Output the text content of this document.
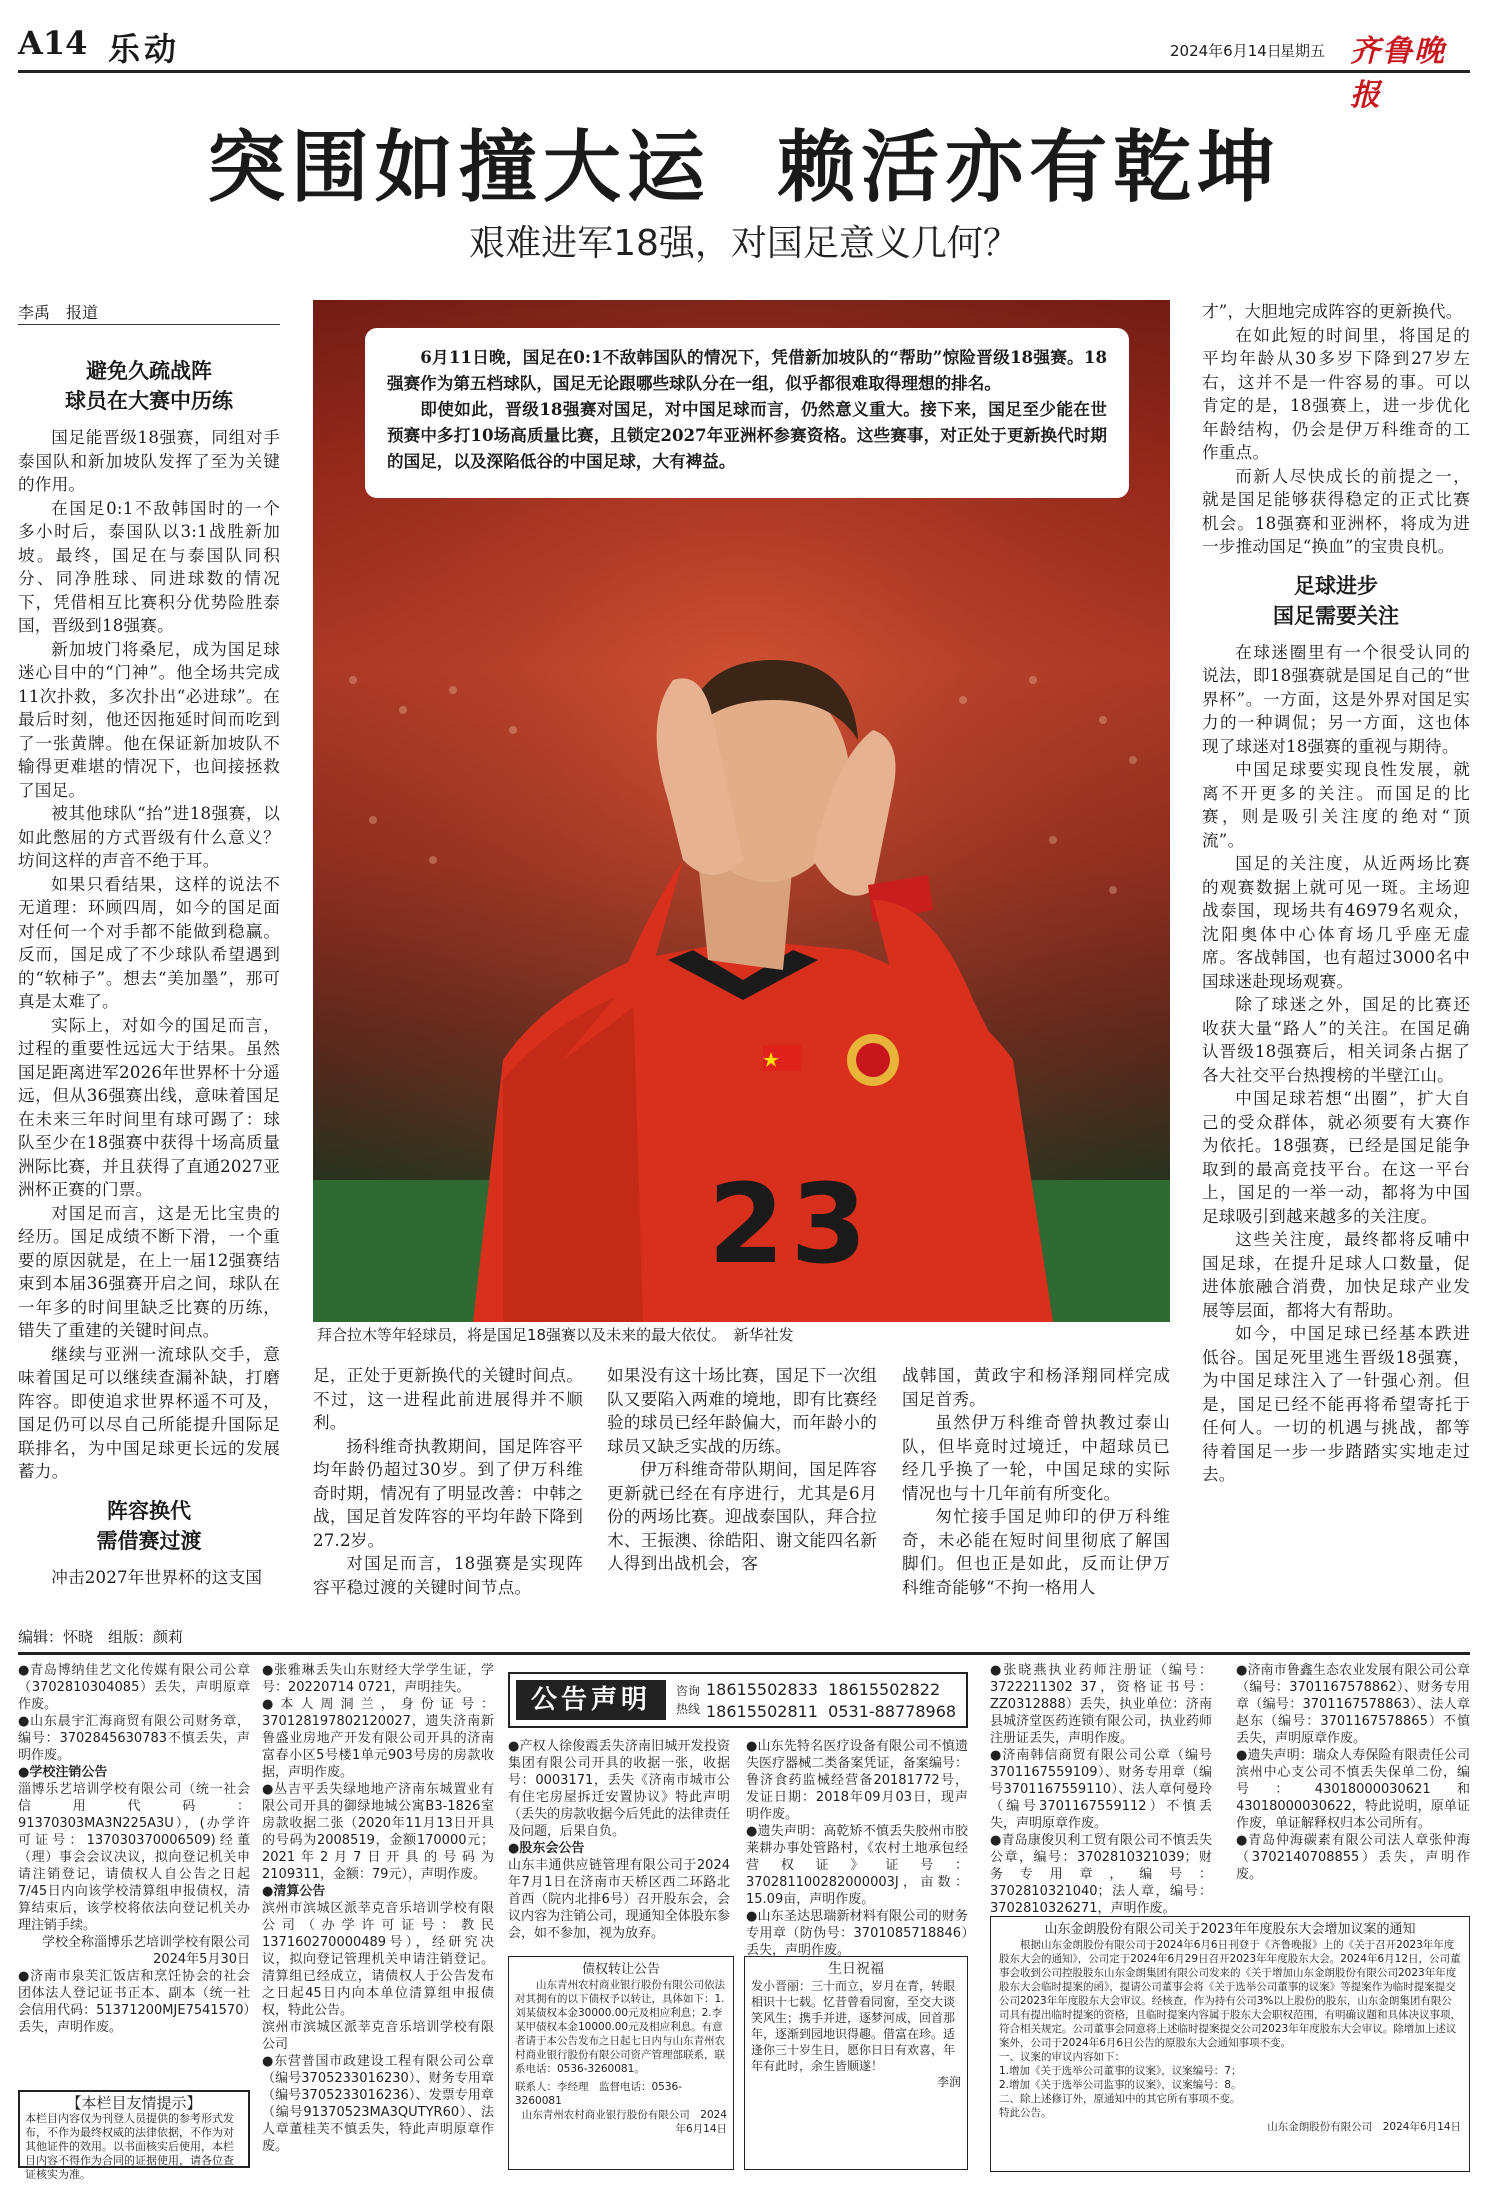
A14 乐动	2024年6月14日
星期五 齐鲁晚报
突围如撞大运  赖活亦有乾坤
艰难进军18强，对国足意义几何？
李禹　报道
23

6月11日晚，国足在0:1不敌韩国队的情况下，凭借新加坡队的“帮助”惊险晋级18强赛。18强赛作为第五档球队，国足无论跟哪些球队分在一组，似乎都很难取得理想的排名。

即使如此，晋级18强赛对国足，对中国足球而言，仍然意义重大。接下来，国足至少能在世预赛中多打10场高质量比赛，且锁定2027年亚洲杯参赛资格。这些赛事，对正处于更新换代时期的国足，以及深陷低谷的中国足球，大有裨益。

拜合拉木等年轻球员，将是国足18强赛以及未来的最大依仗。　新华社发
避免久疏战阵
球员在大赛中历练

国足能晋级18强赛，同组对手泰国队和新加坡队发挥了至为关键的作用。

在国足0:1不敌韩国时的一个多小时后，泰国队以3:1战胜新加坡。最终，国足在与泰国队同积分、同净胜球、同进球数的情况下，凭借相互比赛积分优势险胜泰国，晋级到18强赛。

新加坡门将桑尼，成为国足球迷心目中的“门神”。他全场共完成11次扑救，多次扑出“必进球”。在最后时刻，他还因拖延时间而吃到了一张黄牌。他在保证新加坡队不输得更难堪的情况下，也间接拯救了国足。

被其他球队“抬”进18强赛，以如此憋屈的方式晋级有什么意义？坊间这样的声音不绝于耳。

如果只看结果，这样的说法不无道理：环顾四周，如今的国足面对任何一个对手都不能做到稳赢。反而，国足成了不少球队希望遇到的“软柿子”。想去“美加墨”，那可真是太难了。

实际上，对如今的国足而言，过程的重要性远远大于结果。虽然国足距离进军2026年世界杯十分遥远，但从36强赛出线，意味着国足在未来三年时间里有球可踢了：球队至少在18强赛中获得十场高质量洲际比赛，并且获得了直通2027亚洲杯正赛的门票。

对国足而言，这是无比宝贵的经历。国足成绩不断下滑，一个重要的原因就是，在上一届12强赛结束到本届36强赛开启之间，球队在一年多的时间里缺乏比赛的历练，错失了重建的关键时间点。

继续与亚洲一流球队交手，意味着国足可以继续查漏补缺，打磨阵容。即使追求世界杯遥不可及，国足仍可以尽自己所能提升国际足联排名，为中国足球更长远的发展蓄力。

阵容换代
需借赛过渡

冲击2027年世界杯的这支国

足，正处于更新换代的关键时间点。不过，这一进程此前进展得并不顺利。

扬科维奇执教期间，国足阵容平均年龄仍超过30岁。到了伊万科维奇时期，情况有了明显改善：中韩之战，国足首发阵容的平均年龄下降到27.2岁。

对国足而言，18强赛是实现阵容平稳过渡的关键时间节点。

如果没有这十场比赛，国足下一次组队又要陷入两难的境地，即有比赛经验的球员已经年龄偏大，而年龄小的球员又缺乏实战的历练。

伊万科维奇带队期间，国足阵容更新就已经在有序进行，尤其是6月份的两场比赛。迎战泰国队，拜合拉木、王振澳、徐皓阳、谢文能四名新人得到出战机会，客

战韩国，黄政宇和杨泽翔同样完成国足首秀。

虽然伊万科维奇曾执教过泰山队，但毕竟时过境迁，中超球员已经几乎换了一轮，中国足球的实际情况也与十几年前有所变化。

匆忙接手国足帅印的伊万科维奇，未必能在短时间里彻底了解国脚们。但也正是如此，反而让伊万科维奇能够“不拘一格用人

才”，大胆地完成阵容的更新换代。

在如此短的时间里，将国足的平均年龄从30多岁下降到27岁左右，这并不是一件容易的事。可以肯定的是，18强赛上，进一步优化年龄结构，仍会是伊万科维奇的工作重点。

而新人尽快成长的前提之一，就是国足能够获得稳定的正式比赛机会。18强赛和亚洲杯，将成为进一步推动国足“换血”的宝贵良机。

足球进步
国足需要关注

在球迷圈里有一个很受认同的说法，即18强赛就是国足自己的“世界杯”。一方面，这是外界对国足实力的一种调侃；另一方面，这也体现了球迷对18强赛的重视与期待。

中国足球要实现良性发展，就离不开更多的关注。而国足的比赛，则是吸引关注度的绝对“顶流”。

国足的关注度，从近两场比赛的观赛数据上就可见一斑。主场迎战泰国，现场共有46979名观众，沈阳奥体中心体育场几乎座无虚席。客战韩国，也有超过3000名中国球迷赴现场观赛。

除了球迷之外，国足的比赛还收获大量“路人”的关注。在国足确认晋级18强赛后，相关词条占据了各大社交平台热搜榜的半壁江山。

中国足球若想“出圈”，扩大自己的受众群体，就必须要有大赛作为依托。18强赛，已经是国足能争取到的最高竞技平台。在这一平台上，国足的一举一动，都将为中国足球吸引到越来越多的关注度。

这些关注度，最终都将反哺中国足球，在提升足球人口数量，促进体旅融合消费，加快足球产业发展等层面，都将大有帮助。

如今，中国足球已经基本跌进低谷。国足死里逃生晋级18强赛，为中国足球注入了一针强心剂。但是，国足已经不能再将希望寄托于任何人。一切的机遇与挑战，都等待着国足一步一步踏踏实实地走过去。

编辑：怀晓　组版：颜莉

●青岛博纳佳艺文化传媒有限公司公章（3702810304085）丢失，声明原章作废。

●山东晨宇汇海商贸有限公司财务章，编号：3702845630783不慎丢失，声明作废。

●学校注销公告

淄博乐艺培训学校有限公司（统一社会信用代码：91370303MA3N225A3U），(办学许可证号：137030370006509)经董（理）事会会议决议，拟向登记机关申请注销登记，请债权人自公告之日起7/45日内向该学校清算组申报债权，清算结束后，该学校将依法向登记机关办理注销手续。

学校全称淄博乐艺培训学校有限公司

2024年5月30日

●济南市泉芙汇饭店和烹饪协会的社会团体法人登记证书正本、副本（统一社会信用代码：51371200MJE7541570）丢失，声明作废。

【本栏目友情提示】
本栏目内容仅为刊登人员提供的参考形式发布，不作为最终权威的法律依据，不作为对其他证件的效用。以书面核实后使用，本栏目内容不得作为合同的证据使用，请各位查证核实为准。

●张雅琳丢失山东财经大学学生证，学号：20220714 0721，声明挂失。

●本人周洞兰，身份证号：370128197802120027，遗失济南新鲁盛业房地产开发有限公司开具的济南富春小区5号楼1单元903号房的房款收据，声明作废。

●丛吉平丢失绿地地产济南东城置业有限公司开具的御绿地城公寓B3-1826室房款收据二张（2020年11月13日开具的号码为2008519，金额170000元；2021年2月7日开具的号码为2109311，金额：79元），声明作废。

●清算公告

滨州市滨城区派莘克音乐培训学校有限公司（办学许可证号：教民137160270000489号），经研究决议，拟向登记管理机关申请注销登记。清算组已经成立，请债权人于公告发布之日起45日内向本单位清算组申报债权，特此公告。

滨州市滨城区派莘克音乐培训学校有限公司

●东营普国市政建设工程有限公司公章（编号3705233016230）、财务专用章（编号3705233016236）、发票专用章（编号91370523MA3QUTYR60）、法人章董桂芙不慎丢失，特此声明原章作废。

公告声明	咨询热线
18615502833  18615502822
18615502811  0531-88778968

●产权人徐俊霞丢失济南旧城开发投资集团有限公司开具的收据一张，收据号：0003171，丢失《济南市城市公有住宅房屋拆迁安置协议》特此声明（丢失的房款收据今后凭此的法律责任及问题，后果自负。

●股东会公告

山东丰通供应链管理有限公司于2024年7月1日在济南市天桥区西二环路北首西（院内北排6号）召开股东会，会议内容为注销公司，现通知全体股东参会，如不参加，视为放弃。

●山东先特名医疗设备有限公司不慎遗失医疗器械二类备案凭证，备案编号：鲁济食药监械经营备20181772号，发证日期：2018年09月03日，现声明作废。

●遗失声明：高乾矫不慎丢失胶州市胶莱耕办事处管路村，《农村土地承包经营权证》证号：370281100282000003J，亩数：15.09亩，声明作废。

●山东圣达思瑞新材料有限公司的财务专用章（防伪号：3701085718846）丢失，声明作废。

债权转让公告
山东青州农村商业银行股份有限公司依法对其拥有的以下债权予以转让，具体如下：1.刘某债权本金30000.00元及相应利息；2.李某甲债权本金10000.00元及相应利息。有意者请于本公告发布之日起七日内与山东青州农村商业银行股份有限公司资产管理部联系，联系电话：0536-3260081。
联系人：李经理　监督电话：0536-3260081
山东青州农村商业银行股份有限公司　2024年6月14日
生日祝福
发小晋丽：三十而立，岁月在青，转眼相识十七载。忆昔曾看同窗，至交大谈笑风生；携手并进，逐梦河成，回首那年，逐渐到园地识得趣。借富在珍。适逢你三十岁生日，愿你日日有欢喜，年年有此时，余生皆顺遂！
李润

●张晓燕执业药师注册证（编号：3722211302 37，资格证书号：ZZ0312888）丢失，执业单位：济南县城济堂医药连锁有限公司，执业药师注册证丢失，声明作废。

●济南韩信商贸有限公司公章（编号3701167559109）、财务专用章（编号3701167559110）、法人章何曼玲（编号3701167559112）不慎丢失，声明原章作废。

●青岛康俊贝利工贸有限公司不慎丢失公章，编号：3702810321039；财务专用章，编号：3702810321040；法人章，编号：3702810326271，声明作废。

●济南市鲁鑫生态农业发展有限公司公章（编号：3701167578862）、财务专用章（编号：3701167578863）、法人章赵东（编号：3701167578865）不慎丢失，声明原章作废。

●遗失声明：瑞众人寿保险有限责任公司滨州中心支公司不慎丢失保单二份，编号：43018000030621和43018000030622，特此说明，原单证作废，单证解释权归本公司所有。

●青岛仲海碳素有限公司法人章张仲海（3702140708855）丢失，声明作废。

山东金朗股份有限公司关于2023年年度股东大会增加议案的通知
根据山东金朗股份有限公司于2024年6月6日刊登于《齐鲁晚报》上的《关于召开2023年年度股东大会的通知》，公司定于2024年6月29日召开2023年年度股东大会。2024年6月12日，公司董事会收到公司控股股东山东金朗集团有限公司发来的《关于增加山东金朗股份有限公司2023年年度股东大会临时提案的函》，提请公司董事会将《关于选举公司董事的议案》等提案作为临时提案提交公司2023年年度股东大会审议。经核查，作为持有公司3%以上股份的股东，山东金朗集团有限公司具有提出临时提案的资格，且临时提案内容属于股东大会职权范围，有明确议题和具体决议事项，符合相关规定。公司董事会同意将上述临时提案提交公司2023年年度股东大会审议。除增加上述议案外，公司于2024年6月6日公告的原股东大会通知事项不变。
一、议案的审议内容如下：
1.增加《关于选举公司董事的议案》，议案编号：7；
2.增加《关于选举公司监事的议案》，议案编号：8。
二、除上述修订外，原通知中的其它所有事项不变。
特此公告。
山东金朗股份有限公司　2024年6月14日
